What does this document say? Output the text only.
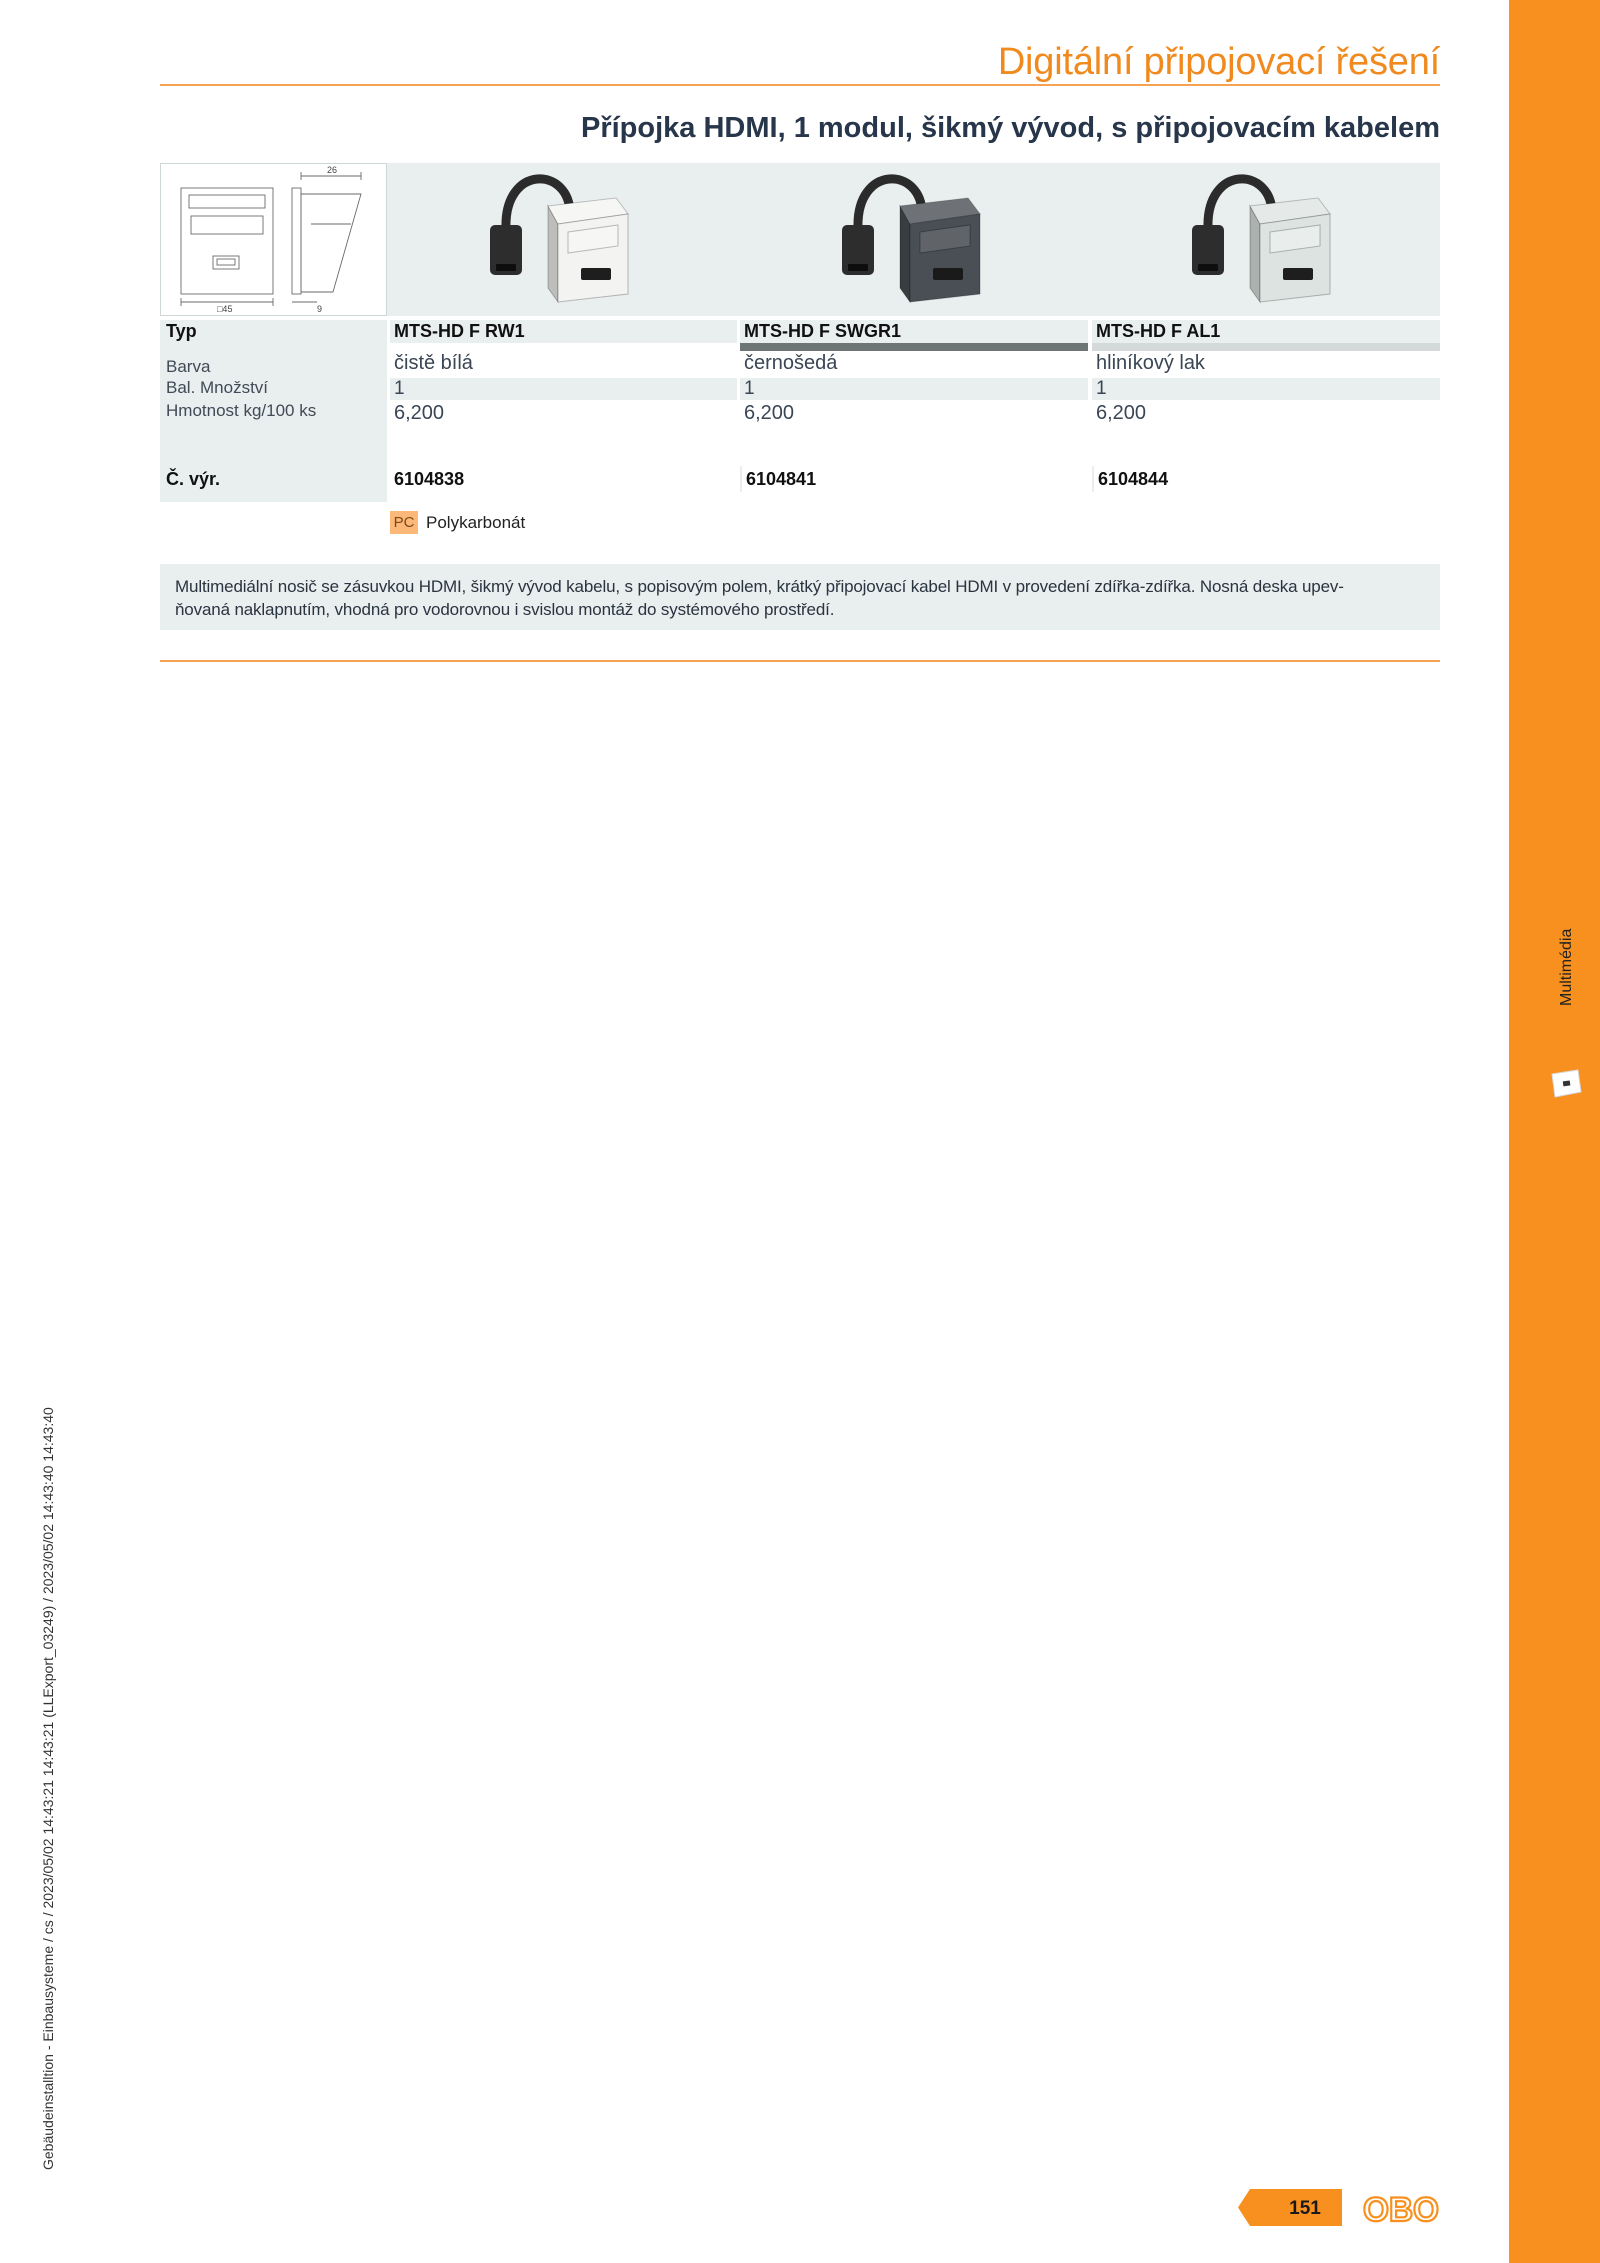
Multimédia
Gebäudeinstalltion - Einbausysteme / cs / 2023/05/02 14:43:21 14:43:21 (LLExport_03249) / 2023/05/02 14:43:40 14:43:40
Digitální připojovací řešení
Přípojka HDMI, 1 modul, šikmý vývod, s připojovacím kabelem
26
□45	9
Typ
Barva
Bal. Množství
Hmotnost kg/100 ks
Č. výr.
MTS-HD F RW1
čistě bílá
1
6,200
6104838
MTS-HD F SWGR1
černošedá
1
6,200
6104841
MTS-HD F AL1
hliníkový lak
1
6,200
6104844
PC Polykarbonát
Multimediální nosič se zásuvkou HDMI, šikmý vývod kabelu, s popisovým polem, krátký připojovací kabel HDMI v provedení zdířka-zdířka. Nosná deska upev-
ňovaná naklapnutím, vhodná pro vodorovnou i svislou montáž do systémového prostředí.
151 OBO
